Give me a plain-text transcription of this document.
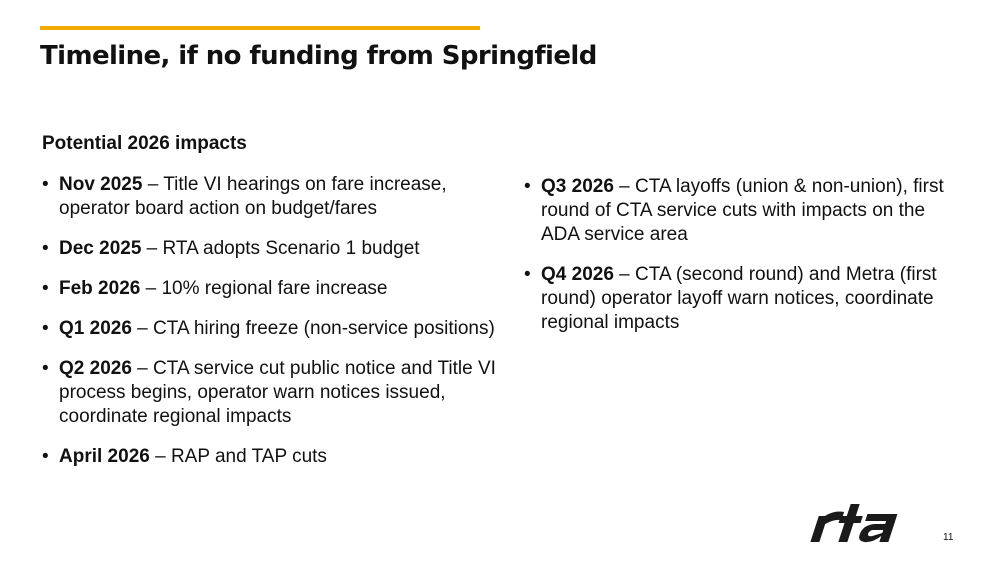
Timeline, if no funding from Springfield
Potential 2026 impacts
• Nov 2025 – Title VI hearings on fare increase, operator board action on budget/fares
• Dec 2025 – RTA adopts Scenario 1 budget
• Feb 2026 – 10% regional fare increase
• Q1 2026 – CTA hiring freeze (non-service positions)
• Q2 2026 – CTA service cut public notice and Title VI process begins, operator warn notices issued, coordinate regional impacts
• April 2026 – RAP and TAP cuts
• Q3 2026 – CTA layoffs (union & non-union), first round of CTA service cuts with impacts on the ADA service area
• Q4 2026 – CTA (second round) and Metra (first round) operator layoff warn notices, coordinate regional impacts
11
